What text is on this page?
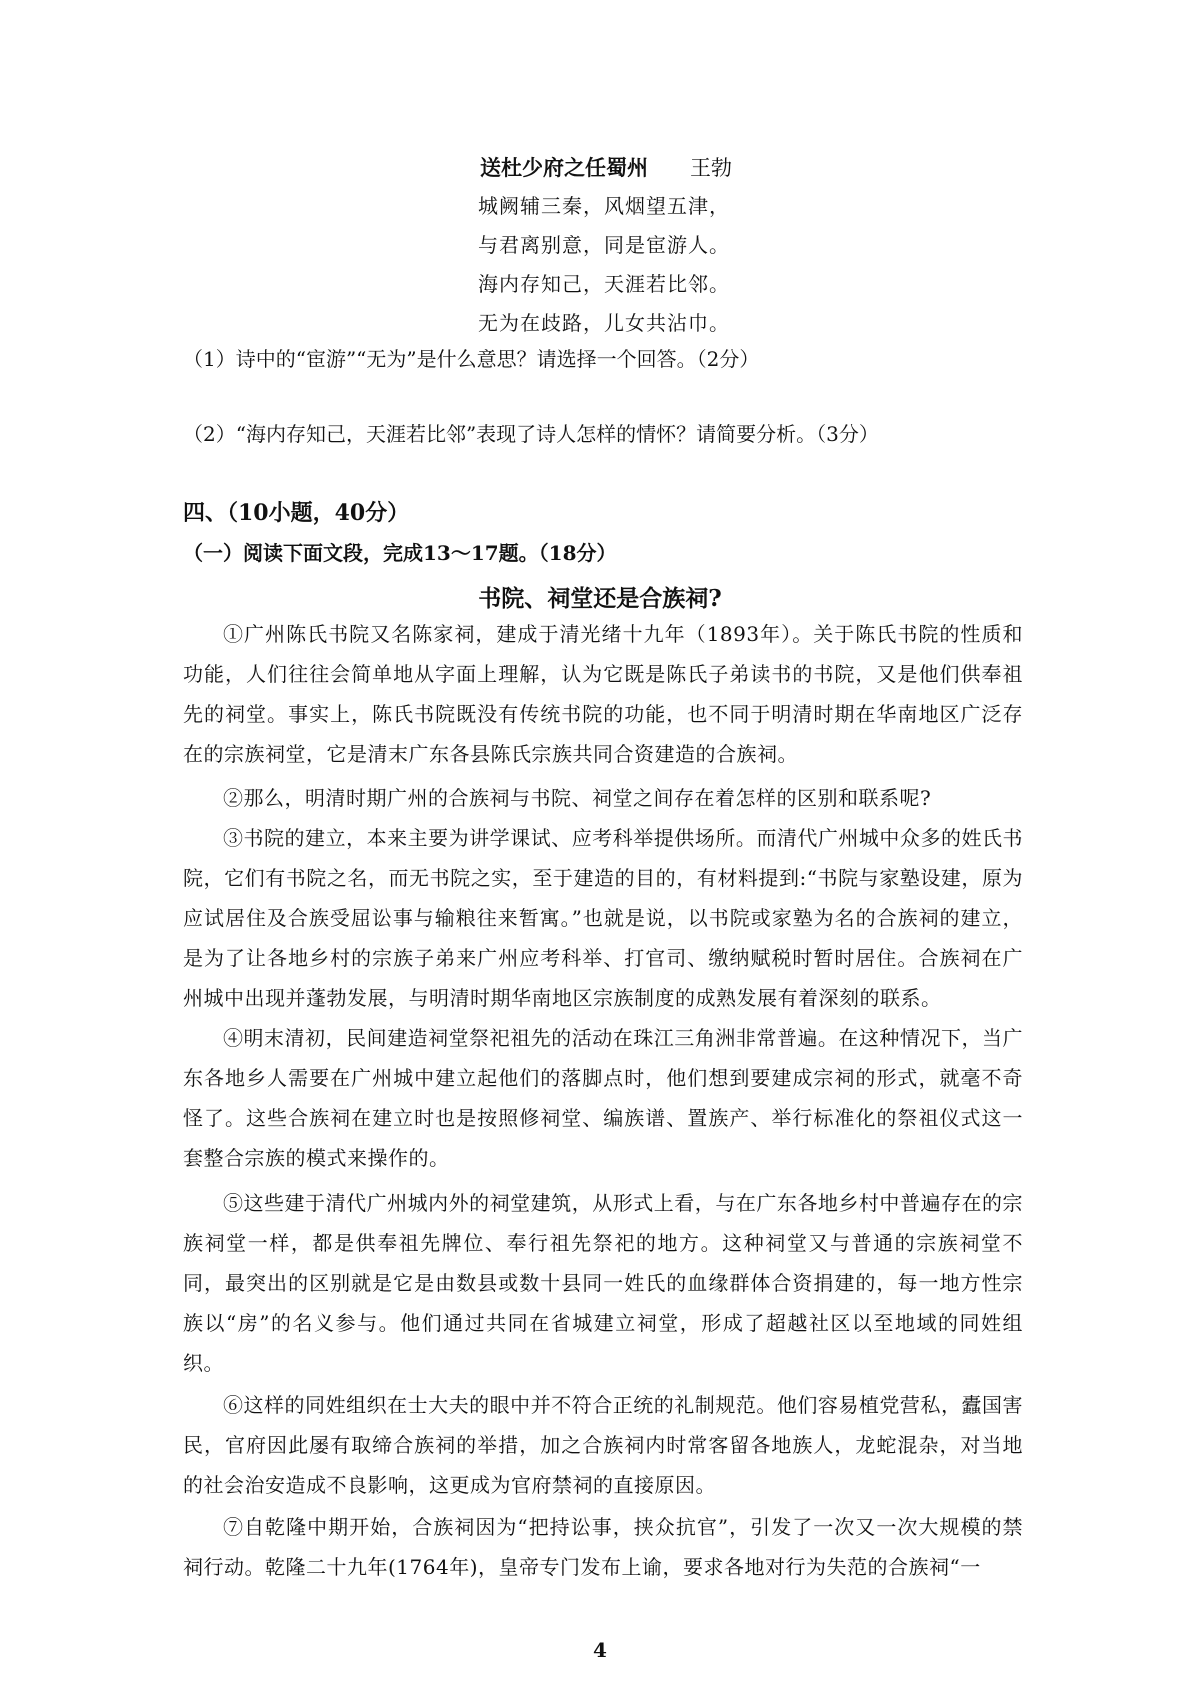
送杜少府之任蜀州 王勃
城阙辅三秦，风烟望五津，
与君离别意，同是宦游人。
海内存知己，天涯若比邻。
无为在歧路，儿女共沾巾。
（1）诗中的“宦游”“无为”是什么意思？请选择一个回答。（2分）
（2）“海内存知己，天涯若比邻”表现了诗人怎样的情怀？请简要分析。（3分）
四、（10小题，40分）
（一）阅读下面文段，完成13～17题。（18分）
书院、祠堂还是合族祠?

①广州陈氏书院又名陈家祠，建成于清光绪十九年（1893年）。关于陈氏书院的性质和功能，人们往往会简单地从字面上理解，认为它既是陈氏子弟读书的书院，又是他们供奉祖先的祠堂。事实上，陈氏书院既没有传统书院的功能，也不同于明清时期在华南地区广泛存在的宗族祠堂，它是清末广东各县陈氏宗族共同合资建造的合族祠。

②那么，明清时期广州的合族祠与书院、祠堂之间存在着怎样的区别和联系呢?

③书院的建立，本来主要为讲学课试、应考科举提供场所。而清代广州城中众多的姓氏书院，它们有书院之名，而无书院之实，至于建造的目的，有材料提到:“书院与家塾设建，原为应试居住及合族受屈讼事与输粮往来暂寓。”也就是说，以书院或家塾为名的合族祠的建立，是为了让各地乡村的宗族子弟来广州应考科举、打官司、缴纳赋税时暂时居住。合族祠在广州城中出现并蓬勃发展，与明清时期华南地区宗族制度的成熟发展有着深刻的联系。

④明末清初，民间建造祠堂祭祀祖先的活动在珠江三角洲非常普遍。在这种情况下，当广东各地乡人需要在广州城中建立起他们的落脚点时，他们想到要建成宗祠的形式，就毫不奇怪了。这些合族祠在建立时也是按照修祠堂、编族谱、置族产、举行标准化的祭祖仪式这一套整合宗族的模式来操作的。

⑤这些建于清代广州城内外的祠堂建筑，从形式上看，与在广东各地乡村中普遍存在的宗族祠堂一样，都是供奉祖先牌位、奉行祖先祭祀的地方。这种祠堂又与普通的宗族祠堂不同，最突出的区别就是它是由数县或数十县同一姓氏的血缘群体合资捐建的，每一地方性宗族以“房”的名义参与。他们通过共同在省城建立祠堂，形成了超越社区以至地域的同姓组织。

⑥这样的同姓组织在士大夫的眼中并不符合正统的礼制规范。他们容易植党营私，蠹国害民，官府因此屡有取缔合族祠的举措，加之合族祠内时常客留各地族人，龙蛇混杂，对当地的社会治安造成不良影响，这更成为官府禁祠的直接原因。

⑦自乾隆中期开始，合族祠因为“把持讼事，挟众抗官”，引发了一次又一次大规模的禁祠行动。乾隆二十九年(1764年)，皇帝专门发布上谕，要求各地对行为失范的合族祠“一

4
